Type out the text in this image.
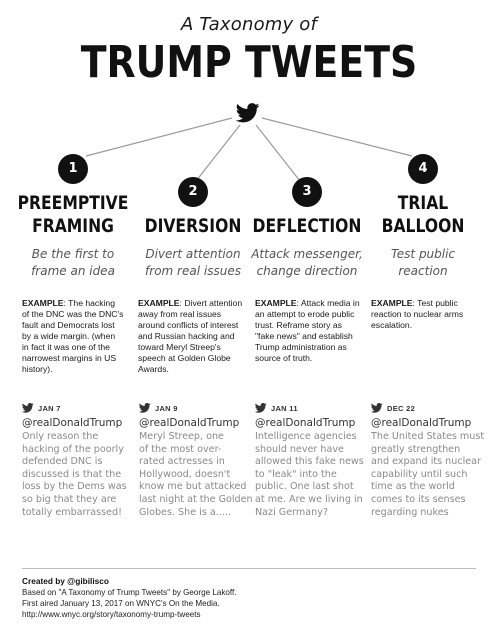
A Taxonomy of
TRUMP TWEETS
1
PREEMPTIVE
FRAMING
Be the first to
frame an idea
2
DIVERSION
Divert attention
from real issues
3
DEFLECTION
Attack messenger,
change direction
4
TRIAL
BALLOON
Test public
reaction
EXAMPLE: The hacking
of the DNC was the DNC's
fault and Democrats lost
by a wide margin. (when
in fact it was one of the
narrowest margins in US
history).
EXAMPLE: Divert attention
away from real issues
around conflicts of interest
and Russian hacking and
toward Meryl Streep's
speech at Golden Globe
Awards.
EXAMPLE: Attack media in
an attempt to erode public
trust. Reframe story as
"fake news" and establish
Trump administration as
source of truth.
EXAMPLE: Test public
reaction to nuclear arms
escalation.
JAN 7	JAN 9	JAN 11	DEC 22
@realDonaldTrump @realDonaldTrump @realDonaldTrump @realDonaldTrump
Only reason the
hacking of the poorly
defended DNC is
discussed is that the
loss by the Dems was
so big that they are
totally embarrassed!
Meryl Streep, one
of the most over-
rated actresses in
Hollywood, doesn't
know me but attacked
last night at the Golden
Globes. She is a.....
Intelligence agencies
should never have
allowed this fake news
to "leak" into the
public. One last shot
at me. Are we living in
Nazi Germany?
The United States must
greatly strengthen
and expand its nuclear
capability until such
time as the world
comes to its senses
regarding nukes
Created by @gibilisco
Based on "A Taxonomy of Trump Tweets" by George Lakoff.
First aired January 13, 2017 on WNYC's On the Media.
http://www.wnyc.org/story/taxonomy-trump-tweets
